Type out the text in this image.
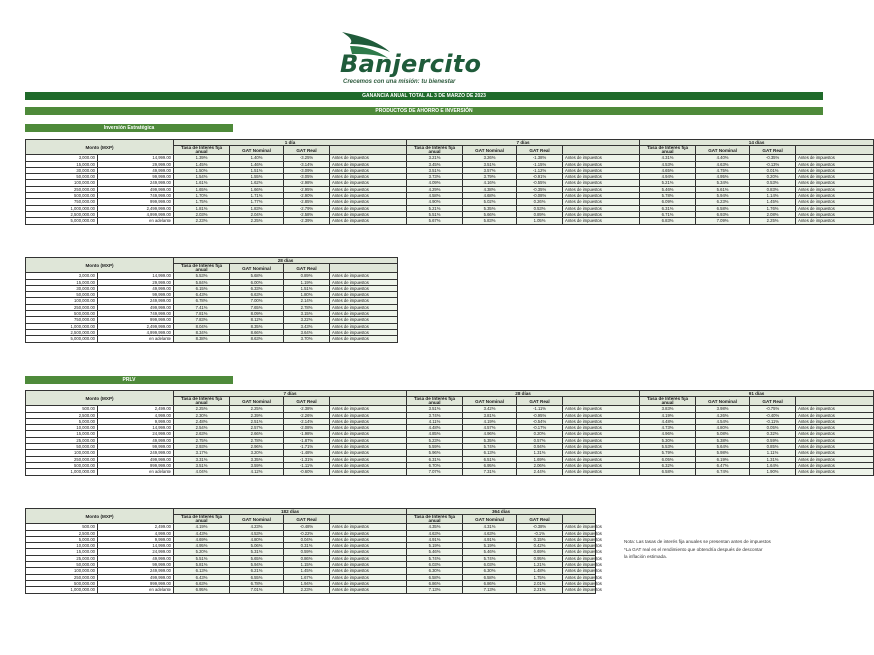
Banjercito
Crecemos con una misión: tu bienestar
GANANCIA ANUAL TOTAL AL 3 DE MARZO DE 2023
PRODUCTOS DE AHORRO E INVERSIÓN
Inversión Estratégica
Monto (MXP)		1 día				7 días				14 días			
		Tasa de Interés fija anual	GAT Nominal	GAT Real		Tasa de Interés fija anual	GAT Nominal	GAT Real		Tasa de Interés fija anual	GAT Nominal	GAT Real	
3,000.00	14,999.00	1.39%	1.40%	-3.25%	Antes de impuestos	3.21%	3.26%	-1.38%	Antes de impuestos	4.31%	4.40%	-0.35%	Antes de impuestos
15,000.00	29,999.00	1.45%	1.46%	-3.14%	Antes de impuestos	3.45%	3.51%	-1.15%	Antes de impuestos	4.53%	4.63%	-0.13%	Antes de impuestos
30,000.00	49,999.00	1.50%	1.51%	-3.09%	Antes de impuestos	3.51%	3.57%	-1.12%	Antes de impuestos	4.65%	4.75%	0.01%	Antes de impuestos
50,000.00	99,999.00	1.54%	1.55%	-3.05%	Antes de impuestos	3.73%	3.79%	-0.91%	Antes de impuestos	4.94%	4.95%	0.20%	Antes de impuestos
100,000.00	249,999.00	1.61%	1.62%	-2.98%	Antes de impuestos	4.09%	4.16%	-0.55%	Antes de impuestos	5.21%	5.34%	0.53%	Antes de impuestos
250,000.00	499,999.00	1.65%	1.66%	-2.95%	Antes de impuestos	4.29%	4.38%	-0.35%	Antes de impuestos	5.46%	5.61%	0.83%	Antes de impuestos
500,000.00	749,999.00	1.70%	1.71%	-2.90%	Antes de impuestos	4.58%	4.68%	-0.08%	Antes de impuestos	5.78%	5.94%	1.14%	Antes de impuestos
750,000.00	999,999.00	1.75%	1.77%	-2.85%	Antes de impuestos	4.90%	5.02%	0.26%	Antes de impuestos	6.09%	6.23%	1.45%	Antes de impuestos
1,000,000.00	2,499,999.00	1.81%	1.83%	-2.79%	Antes de impuestos	5.21%	5.35%	0.53%	Antes de impuestos	6.31%	6.58%	1.76%	Antes de impuestos
2,500,000.00	4,999,999.00	2.03%	2.04%	-2.58%	Antes de impuestos	5.51%	5.66%	0.89%	Antes de impuestos	6.71%	6.93%	2.08%	Antes de impuestos
5,000,000.00	en adelante	2.23%	2.25%	-2.39%	Antes de impuestos	5.67%	5.83%	1.05%	Antes de impuestos	6.83%	7.09%	2.25%	Antes de impuestos
Monto (MXP)		28 días			
		Tasa de Interés fija anual	GAT Nominal	GAT Real	
3,000.00	14,999.00	5.53%	5.68%	0.89%	Antes de impuestos
15,000.00	29,999.00	5.84%	6.00%	1.19%	Antes de impuestos
30,000.00	49,999.00	6.15%	6.33%	1.51%	Antes de impuestos
50,000.00	99,999.00	6.43%	6.63%	1.80%	Antes de impuestos
100,000.00	249,999.00	6.78%	7.00%	2.14%	Antes de impuestos
250,000.00	499,999.00	7.41%	7.65%	2.78%	Antes de impuestos
500,000.00	749,999.00	7.81%	8.09%	3.15%	Antes de impuestos
750,000.00	999,999.00	7.83%	8.12%	3.22%	Antes de impuestos
1,000,000.00	2,499,999.00	8.04%	8.35%	3.43%	Antes de impuestos
2,500,000.00	4,999,999.00	8.34%	8.66%	3.64%	Antes de impuestos
5,000,000.00	en adelante	8.38%	8.63%	3.70%	Antes de impuestos
PRLV
Monto (MXP)		7 días				28 días				91 días			
		Tasa de Interés fija anual	GAT Nominal	GAT Real		Tasa de Interés fija anual	GAT Nominal	GAT Real		Tasa de Interés fija anual	GAT Nominal	GAT Real	
500.00	2,499.00	2.25%	2.25%	-2.38%	Antes de impuestos	3.51%	3.42%	-1.11%	Antes de impuestos	3.83%	3.98%	-0.75%	Antes de impuestos
2,500.00	4,999.00	2.30%	2.39%	-2.26%	Antes de impuestos	3.74%	3.81%	-0.95%	Antes de impuestos	4.19%	4.26%	-0.40%	Antes de impuestos
5,000.00	9,999.00	2.48%	2.51%	-2.14%	Antes de impuestos	4.11%	4.19%	-0.54%	Antes de impuestos	4.48%	4.54%	-0.11%	Antes de impuestos
10,000.00	14,999.00	2.54%	2.57%	-2.08%	Antes de impuestos	4.48%	4.57%	-0.17%	Antes de impuestos	4.73%	4.80%	0.05%	Antes de impuestos
15,000.00	24,999.00	2.63%	2.66%	-1.98%	Antes de impuestos	4.85%	4.96%	0.20%	Antes de impuestos	4.96%	5.08%	0.32%	Antes de impuestos
25,000.00	49,999.00	2.75%	2.78%	-1.87%	Antes de impuestos	5.23%	5.35%	0.57%	Antes de impuestos	5.30%	5.38%	0.59%	Antes de impuestos
50,000.00	99,999.00	2.93%	2.96%	-1.71%	Antes de impuestos	5.59%	5.74%	0.94%	Antes de impuestos	5.53%	5.64%	0.85%	Antes de impuestos
100,000.00	249,999.00	3.17%	3.20%	-1.48%	Antes de impuestos	5.96%	6.13%	1.31%	Antes de impuestos	5.79%	5.98%	1.11%	Antes de impuestos
250,000.00	499,999.00	3.31%	3.35%	-1.31%	Antes de impuestos	6.31%	6.51%	1.69%	Antes de impuestos	6.05%	6.19%	1.31%	Antes de impuestos
500,000.00	999,999.00	3.51%	3.59%	-1.11%	Antes de impuestos	6.70%	6.95%	2.06%	Antes de impuestos	6.32%	6.47%	1.64%	Antes de impuestos
1,000,000.00	en adelante	4.04%	4.12%	-0.60%	Antes de impuestos	7.07%	7.31%	2.44%	Antes de impuestos	6.58%	6.74%	1.90%	Antes de impuestos
Monto (MXP)		182 días				364 días			
		Tasa de Interés fija anual	GAT Nominal	GAT Real		Tasa de Interés fija anual	GAT Nominal	GAT Real	
500.00	2,499.00	4.19%	4.23%	-0.48%	Antes de impuestos	4.35%	4.31%	-0.38%	Antes de impuestos
2,500.00	4,999.00	4.43%	4.53%	-0.22%	Antes de impuestos	4.63%	4.63%	-0.1%	Antes de impuestos
5,000.00	9,999.00	4.69%	4.80%	0.04%	Antes de impuestos	4.91%	4.91%	0.15%	Antes de impuestos
10,000.00	14,999.00	4.95%	5.06%	0.31%	Antes de impuestos	5.19%	5.19%	0.42%	Antes de impuestos
15,000.00	24,999.00	5.20%	5.31%	0.59%	Antes de impuestos	5.46%	5.46%	0.69%	Antes de impuestos
25,000.00	49,999.00	5.51%	5.65%	0.86%	Antes de impuestos	5.74%	5.74%	0.95%	Antes de impuestos
50,000.00	99,999.00	5.81%	5.94%	1.15%	Antes de impuestos	6.03%	6.03%	1.21%	Antes de impuestos
100,000.00	249,999.00	6.13%	6.21%	1.45%	Antes de impuestos	6.30%	6.30%	1.48%	Antes de impuestos
250,000.00	499,999.00	6.43%	6.55%	1.67%	Antes de impuestos	6.58%	6.58%	1.75%	Antes de impuestos
500,000.00	999,999.00	6.63%	6.78%	1.94%	Antes de impuestos	6.86%	6.86%	2.01%	Antes de impuestos
1,000,000.00	en adelante	6.95%	7.01%	2.23%	Antes de impuestos	7.13%	7.13%	2.21%	Antes de impuestos
Nota: Las tasas de interés fija anuales se presentan antes de impuestos
*La GAT real es el rendimiento que obtendría después de descontar
la inflación estimada.
